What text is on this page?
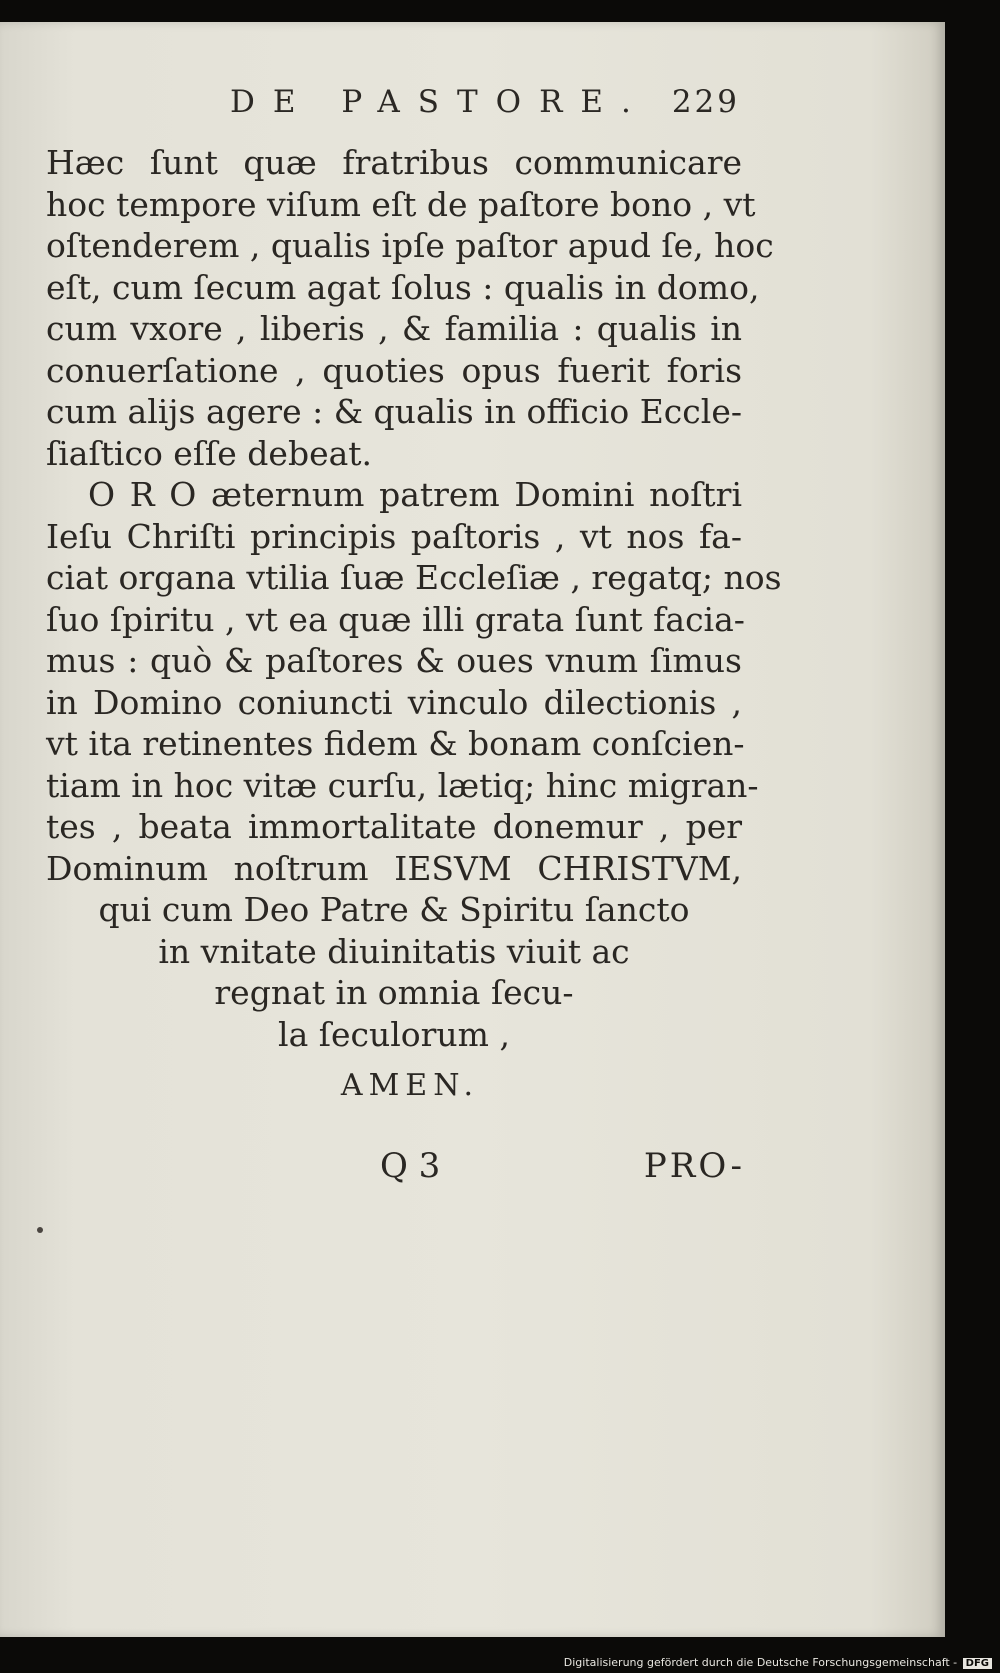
DE PASTORE. 229
Hæc ſunt quæ fratribus communicare
hoc tempore viſum eſt de paſtore bono , vt
oſtenderem , qualis ipſe paſtor apud ſe, hoc
eſt, cum ſecum agat ſolus : qualis in domo,
cum vxore , liberis , & familia : qualis in
conuerſatione , quoties opus fuerit foris
cum alijs agere : & qualis in officio Eccle-
ſiaſtico eſſe debeat.
O R O æternum patrem Domini noſtri
Ieſu Chriſti principis paſtoris , vt nos fa-
ciat organa vtilia ſuæ Eccleſiæ , regatq; nos
ſuo ſpiritu , vt ea quæ illi grata ſunt facia-
mus : quò & paſtores & oues vnum ſimus
in Domino coniuncti vinculo dilectionis ,
vt ita retinentes fidem & bonam conſcien-
tiam in hoc vitæ curſu, lætiq; hinc migran-
tes , beata immortalitate donemur , per
Dominum noſtrum IESVM CHRISTVM,
qui cum Deo Patre & Spiritu ſancto
in vnitate diuinitatis viuit ac
regnat in omnia ſecu-
la ſeculorum ,
AMEN.
Q 3	PRO-
Digitalisierung gefördert durch die Deutsche Forschungsgemeinschaft - DFG
